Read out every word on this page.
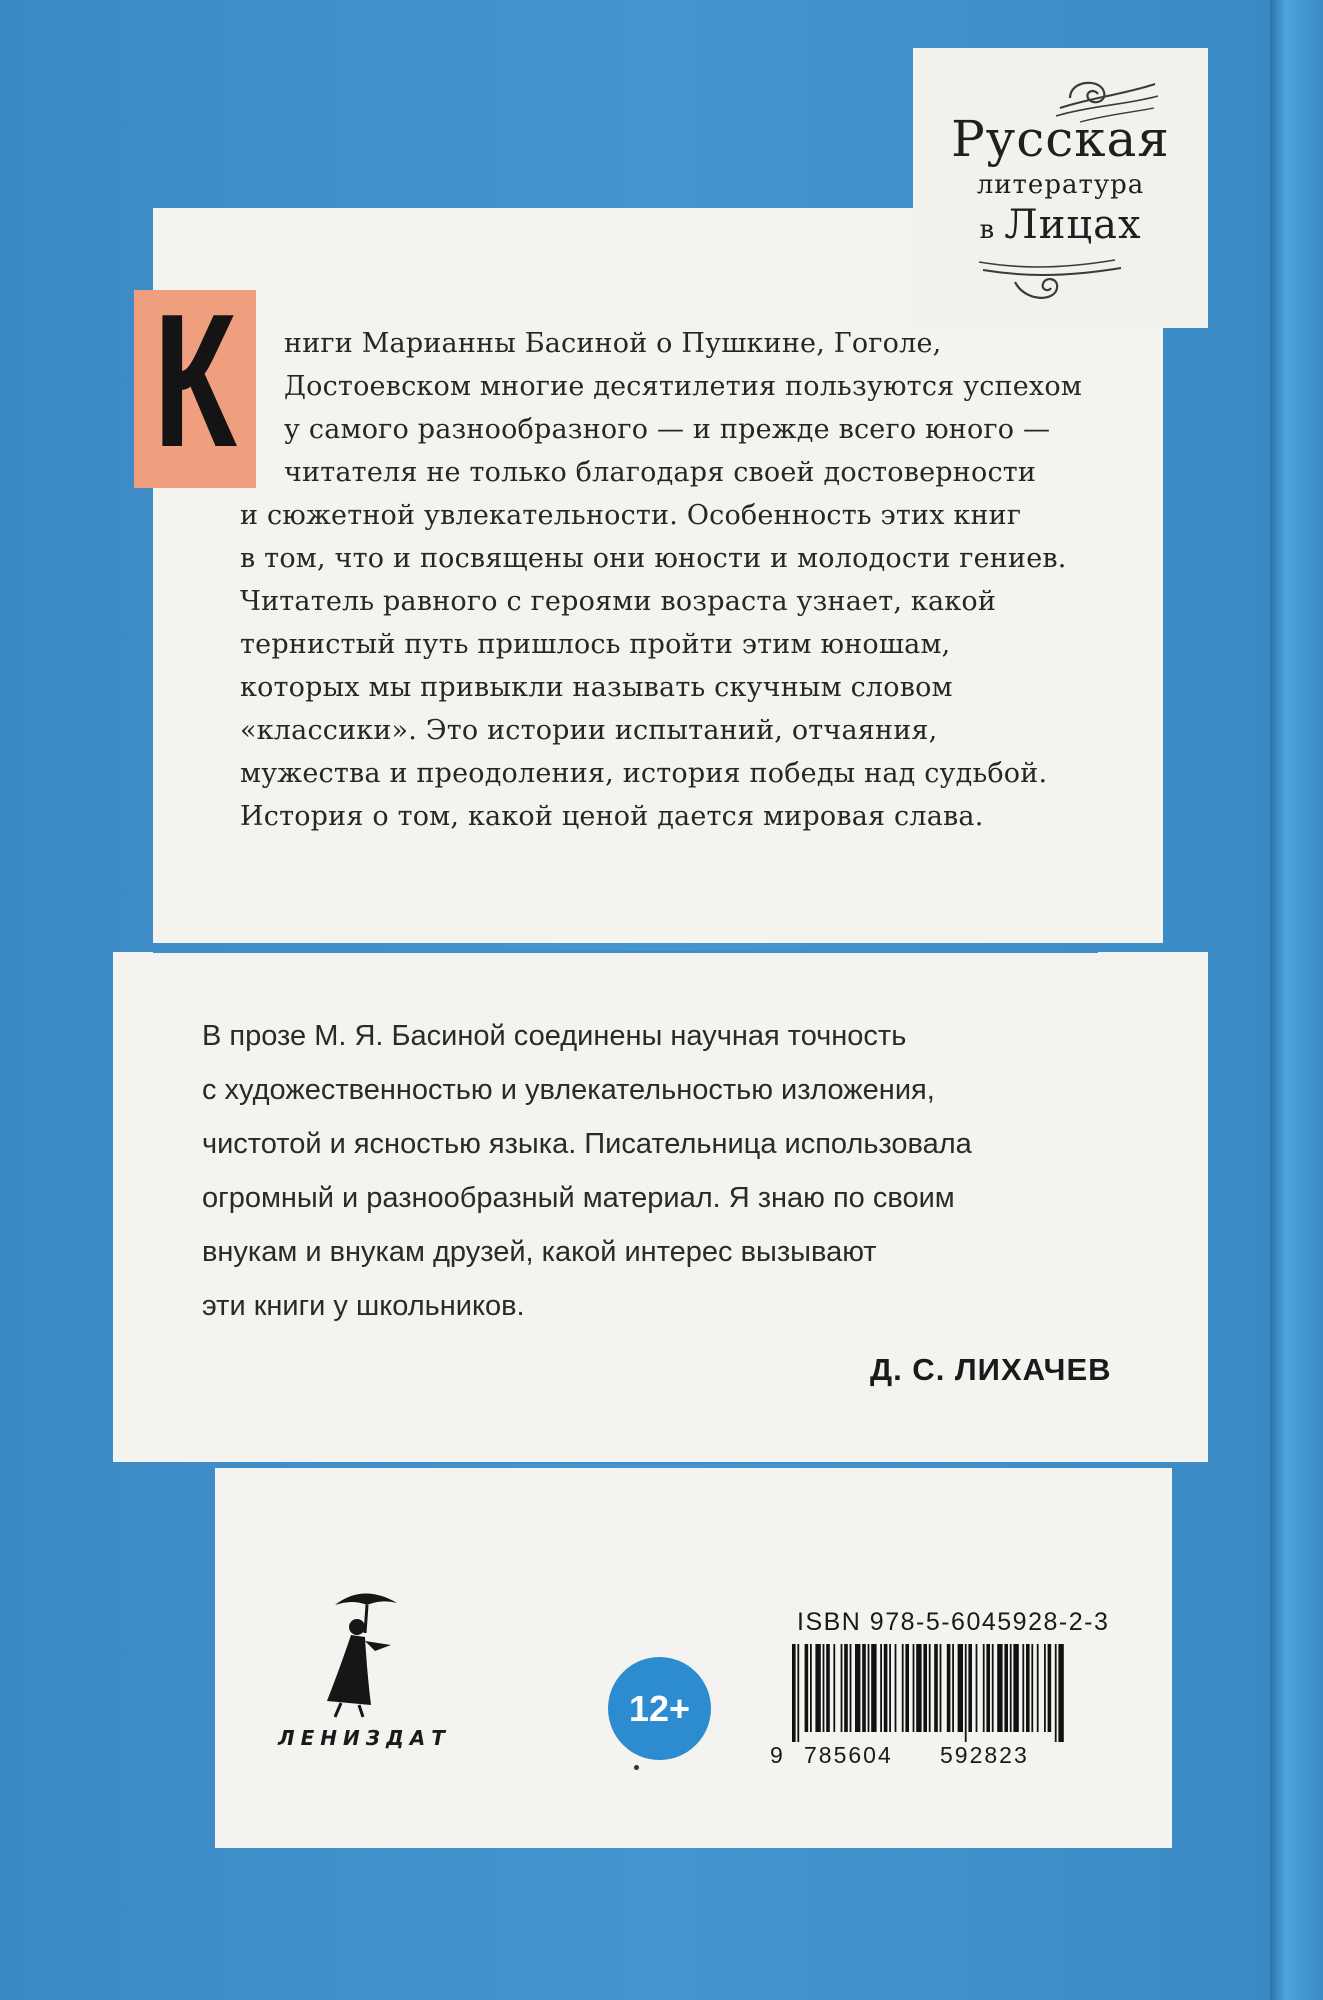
Русская
литература
в Лицах
К ниги Марианны Басиной о Пушкине, Гоголе,
Достоевском многие десятилетия пользуются успехом
у самого разнообразного — и прежде всего юного —
читателя не только благодаря своей достоверности
и сюжетной увлекательности. Особенность этих книг
в том, что и посвящены они юности и молодости гениев.
Читатель равного с героями возраста узнает, какой
тернистый путь пришлось пройти этим юношам,
которых мы привыкли называть скучным словом
«классики». Это истории испытаний, отчаяния,
мужества и преодоления, история победы над судьбой.
История о том, какой ценой дается мировая слава.
В прозе М. Я. Басиной соединены научная точность
с художественностью и увлекательностью изложения,
чистотой и ясностью языка. Писательница использовала
огромный и разнообразный материал. Я знаю по своим
внукам и внукам друзей, какой интерес вызывают
эти книги у школьников.
Д. С. ЛИХАЧЕВ
ЛЕНИЗДАТ
12+
ISBN 978-5-6045928-2-3
9 785604 592823
